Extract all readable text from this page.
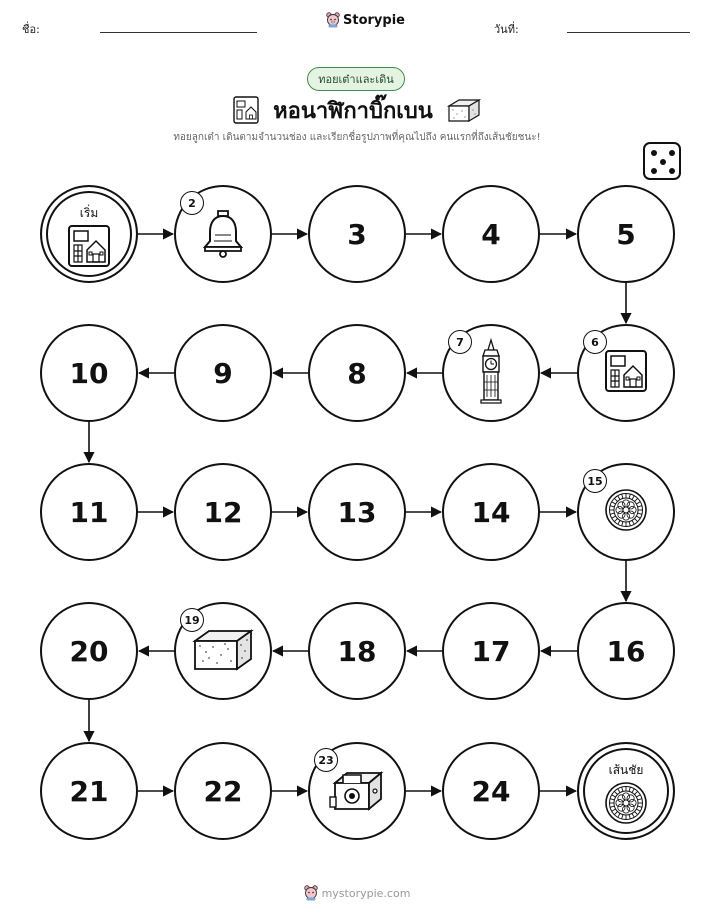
ชื่อ:
Storypie
วันที่:
ทอยเต๋าและเดิน
หอนาฬิกาบิ๊กเบน
ทอยลูกเต๋า เดินตามจำนวนช่อง และเรียกชื่อรูปภาพที่คุณไปถึง คนแรกที่ถึงเส้นชัยชนะ!
เริ่ม
2
3	4	5
6
7
8
9
10
11	12	13	14
15
16
17
18
19
20
21	22
23
24
เส้นชัย
mystorypie.com
